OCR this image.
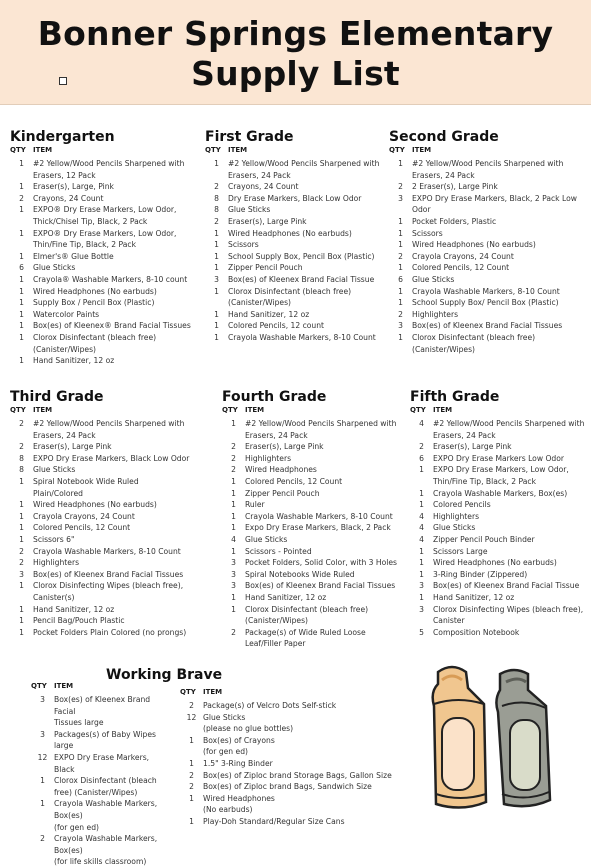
Bonner Springs Elementary
Supply List
Kindergarten
QTY	ITEM
1	#2 Yellow/Wood Pencils Sharpened with
Erasers, 12 Pack
1	Eraser(s), Large, Pink
2	Crayons, 24 Count
1	EXPO® Dry Erase Markers, Low Odor,
Thick/Chisel Tip, Black, 2 Pack
1	EXPO® Dry Erase Markers, Low Odor,
Thin/Fine Tip, Black, 2 Pack
1	Elmer's® Glue Bottle
6	Glue Sticks
1	Crayola® Washable Markers, 8-10 count
1	Wired Headphones (No earbuds)
1	Supply Box / Pencil Box (Plastic)
1	Watercolor Paints
1	Box(es) of Kleenex® Brand Facial Tissues
1	Clorox Disinfectant (bleach free)
(Canister/Wipes)
1	Hand Sanitizer, 12 oz
First Grade
QTY	ITEM
1	#2 Yellow/Wood Pencils Sharpened with
Erasers, 24 Pack
2	Crayons, 24 Count
8	Dry Erase Markers, Black Low Odor
8	Glue Sticks
2	Eraser(s), Large Pink
1	Wired Headphones (No earbuds)
1	Scissors
1	School Supply Box, Pencil Box (Plastic)
1	Zipper Pencil Pouch
3	Box(es) of Kleenex Brand Facial Tissue
1	Clorox Disinfectant (bleach free)
(Canister/Wipes)
1	Hand Sanitizer, 12 oz
1	Colored Pencils, 12 count
1	Crayola Washable Markers, 8-10 Count
Second Grade
QTY	ITEM
1	#2 Yellow/Wood Pencils Sharpened with
Erasers, 24 Pack
2	2 Eraser(s), Large Pink
3	EXPO Dry Erase Markers, Black, 2 Pack Low
Odor
1	Pocket Folders, Plastic
1	Scissors
1	Wired Headphones (No earbuds)
2	Crayola Crayons, 24 Count
1	Colored Pencils, 12 Count
6	Glue Sticks
1	Crayola Washable Markers, 8-10 Count
1	School Supply Box/ Pencil Box (Plastic)
2	Highlighters
3	Box(es) of Kleenex Brand Facial Tissues
1	Clorox Disinfectant (bleach free)
(Canister/Wipes)
Third Grade
QTY	ITEM
2	#2 Yellow/Wood Pencils Sharpened with
Erasers, 24 Pack
2	Eraser(s), Large Pink
8	EXPO Dry Erase Markers, Black Low Odor
8	Glue Sticks
1	Spiral Notebook Wide Ruled
Plain/Colored
1	Wired Headphones (No earbuds)
1	Crayola Crayons, 24 Count
1	Colored Pencils, 12 Count
1	Scissors 6"
2	Crayola Washable Markers, 8-10 Count
2	Highlighters
3	Box(es) of Kleenex Brand Facial Tissues
1	Clorox Disinfecting Wipes (bleach free),
Canister(s)
1	Hand Sanitizer, 12 oz
1	Pencil Bag/Pouch Plastic
1	Pocket Folders Plain Colored (no prongs)
Fourth Grade
QTY	ITEM
1	#2 Yellow/Wood Pencils Sharpened with
Erasers, 24 Pack
2	Eraser(s), Large Pink
2	Highlighters
2	Wired Headphones
1	Colored Pencils, 12 Count
1	Zipper Pencil Pouch
1	Ruler
1	Crayola Washable Markers, 8-10 Count
1	Expo Dry Erase Markers, Black, 2 Pack
4	Glue Sticks
1	Scissors - Pointed
3	Pocket Folders, Solid Color, with 3 Holes
3	Spiral Notebooks Wide Ruled
3	Box(es) of Kleenex Brand Facial Tissues
1	Hand Sanitizer, 12 oz
1	Clorox Disinfectant (bleach free)
(Canister/Wipes)
2	Package(s) of Wide Ruled Loose
Leaf/Filler Paper
Fifth Grade
QTY	ITEM
4	#2 Yellow/Wood Pencils Sharpened with
Erasers, 24 Pack
2	Eraser(s), Large Pink
6	EXPO Dry Erase Markers Low Odor
1	EXPO Dry Erase Markers, Low Odor,
Thin/Fine Tip, Black, 2 Pack
1	Crayola Washable Markers, Box(es)
1	Colored Pencils
4	Highlighters
4	Glue Sticks
4	Zipper Pencil Pouch Binder
1	Scissors Large
1	Wired Headphones (No earbuds)
1	3-Ring Binder (Zippered)
3	Box(es) of Kleenex Brand Facial Tissue
1	Hand Sanitizer, 12 oz
3	Clorox Disinfecting Wipes (bleach free),
Canister
5	Composition Notebook
Working Brave
QTY	ITEM
3	Box(es) of Kleenex Brand Facial
Tissues large
3	Packages(s) of Baby Wipes
large
12 EXPO Dry Erase Markers, Black
1	Clorox Disinfectant (bleach
free) (Canister/Wipes)
1	Crayola Washable Markers,
Box(es)
(for gen ed)
2	Crayola Washable Markers,
Box(es)
(for life skills classroom)
QTY	ITEM
2	Package(s) of Velcro Dots Self-stick
12 Glue Sticks
(please no glue bottles)
1	Box(es) of Crayons
(for gen ed)
1	1.5" 3-Ring Binder
2	Box(es) of Ziploc brand Storage Bags, Gallon Size
2	Box(es) of Ziploc brand Bags, Sandwich Size
1	Wired Headphones
(No earbuds)
1	Play-Doh Standard/Regular Size Cans
